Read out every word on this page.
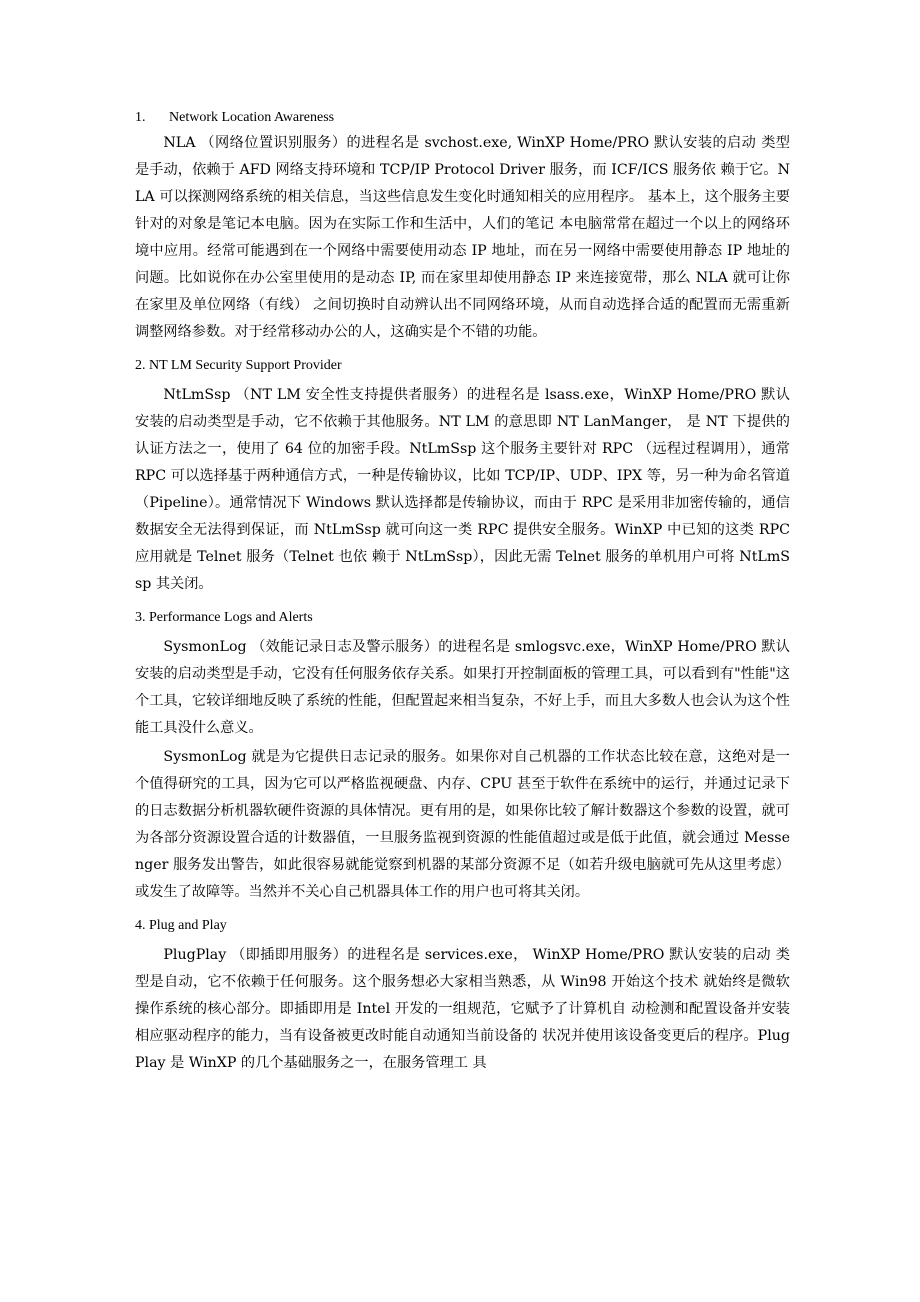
1. Network Location Awareness

NLA （网络位置识别服务）的进程名是 svchost.exe, WinXP Home/PRO 默认安装的启动 类型是手动，依赖于 AFD 网络支持环境和 TCP/IP Protocol Driver 服务，而 ICF/ICS 服务依 赖于它。NLA 可以探测网络系统的相关信息，当这些信息发生变化时通知相关的应用程序。 基本上，这个服务主要针对的对象是笔记本电脑。因为在实际工作和生活中，人们的笔记 本电脑常常在超过一个以上的网络环境中应用。经常可能遇到在一个网络中需要使用动态 IP 地址，而在另一网络中需要使用静态 IP 地址的问题。比如说你在办公室里使用的是动态 IP, 而在家里却使用静态 IP 来连接宽带，那么 NLA 就可让你在家里及单位网络（有线） 之间切换时自动辨认出不同网络环境，从而自动选择合适的配置而无需重新调整网络参数。对于经常移动办公的人，这确实是个不错的功能。

2. NT LM Security Support Provider

NtLmSsp （NT LM 安全性支持提供者服务）的进程名是 lsass.exe，WinXP Home/PRO 默认安装的启动类型是手动，它不依赖于其他服务。NT LM 的意思即 NT LanManger， 是 NT 下提供的认证方法之一，使用了 64 位的加密手段。NtLmSsp 这个服务主要针对 RPC （远程过程调用），通常 RPC 可以选择基于两种通信方式，一种是传输协议，比如 TCP/IP、UDP、IPX 等，另一种为命名管道（Pipeline）。通常情况下 Windows 默认选择都是传输协议，而由于 RPC 是采用非加密传输的，通信数据安全无法得到保证，而 NtLmSsp 就可向这一类 RPC 提供安全服务。WinXP 中已知的这类 RPC 应用就是 Telnet 服务（Telnet 也依 赖于 NtLmSsp），因此无需 Telnet 服务的单机用户可将 NtLmSsp 其关闭。

3. Performance Logs and Alerts

SysmonLog （效能记录日志及警示服务）的进程名是 smlogsvc.exe，WinXP Home/PRO 默认安装的启动类型是手动，它没有任何服务依存关系。如果打开控制面板的管理工具，可以看到有"性能"这个工具，它较详细地反映了系统的性能，但配置起来相当复杂，不好上手，而且大多数人也会认为这个性能工具没什么意义。

SysmonLog 就是为它提供日志记录的服务。如果你对自己机器的工作状态比较在意，这绝对是一个值得研究的工具，因为它可以严格监视硬盘、内存、CPU 甚至于软件在系统中的运行，并通过记录下的日志数据分析机器软硬件资源的具体情况。更有用的是，如果你比较了解计数器这个参数的设置，就可为各部分资源设置合适的计数器值，一旦服务监视到资源的性能值超过或是低于此值，就会通过 Messenger 服务发出警告，如此很容易就能觉察到机器的某部分资源不足（如若升级电脑就可先从这里考虑）或发生了故障等。当然并不关心自己机器具体工作的用户也可将其关闭。

4. Plug and Play

PlugPlay （即插即用服务）的进程名是 services.exe， WinXP Home/PRO 默认安装的启动 类型是自动，它不依赖于任何服务。这个服务想必大家相当熟悉，从 Win98 开始这个技术 就始终是微软操作系统的核心部分。即插即用是 Intel 开发的一组规范，它赋予了计算机自 动检测和配置设备并安装相应驱动程序的能力，当有设备被更改时能自动通知当前设备的 状况并使用该设备变更后的程序。PlugPlay 是 WinXP 的几个基础服务之一，在服务管理工 具
